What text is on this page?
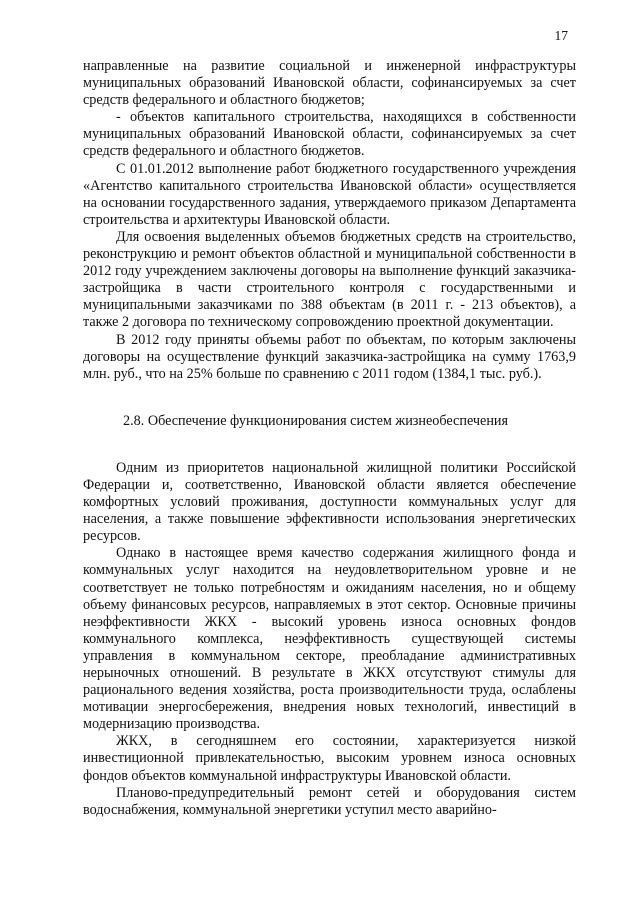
17

направленные на развитие социальной и инженерной инфраструктуры муниципальных образований Ивановской области, софинансируемых за счет средств федерального и областного бюджетов;

- объектов капитального строительства, находящихся в собственности муниципальных образований Ивановской области, софинансируемых за счет средств федерального и областного бюджетов.

С 01.01.2012 выполнение работ бюджетного государственного учреждения «Агентство капитального строительства Ивановской области» осуществляется на основании государственного задания, утверждаемого приказом Департамента строительства и архитектуры Ивановской области.

Для освоения выделенных объемов бюджетных средств на строительство, реконструкцию и ремонт объектов областной и муниципальной собственности в 2012 году учреждением заключены договоры на выполнение функций заказчика-застройщика в части строительного контроля с государственными и муниципальными заказчиками по 388 объектам (в 2011 г. - 213 объектов), а также 2 договора по техническому сопровождению проектной документации.

В 2012 году приняты объемы работ по объектам, по которым заключены договоры на осуществление функций заказчика-застройщика на сумму 1763,9 млн. руб., что на 25% больше по сравнению с 2011 годом (1384,1 тыс. руб.).

2.8. Обеспечение функционирования систем жизнеобеспечения

Одним из приоритетов национальной жилищной политики Российской Федерации и, соответственно, Ивановской области является обеспечение комфортных условий проживания, доступности коммунальных услуг для населения, а также повышение эффективности использования энергетических ресурсов.

Однако в настоящее время качество содержания жилищного фонда и коммунальных услуг находится на неудовлетворительном уровне и не соответствует не только потребностям и ожиданиям населения, но и общему объему финансовых ресурсов, направляемых в этот сектор. Основные причины неэффективности ЖКХ - высокий уровень износа основных фондов коммунального комплекса, неэффективность существующей системы управления в коммунальном секторе, преобладание административных нерыночных отношений. В результате в ЖКХ отсутствуют стимулы для рационального ведения хозяйства, роста производительности труда, ослаблены мотивации энергосбережения, внедрения новых технологий, инвестиций в модернизацию производства.

ЖКХ, в сегодняшнем его состоянии, характеризуется низкой инвестиционной привлекательностью, высоким уровнем износа основных фондов объектов коммунальной инфраструктуры Ивановской области.

Планово-предупредительный ремонт сетей и оборудования систем водоснабжения, коммунальной энергетики уступил место аварийно-
